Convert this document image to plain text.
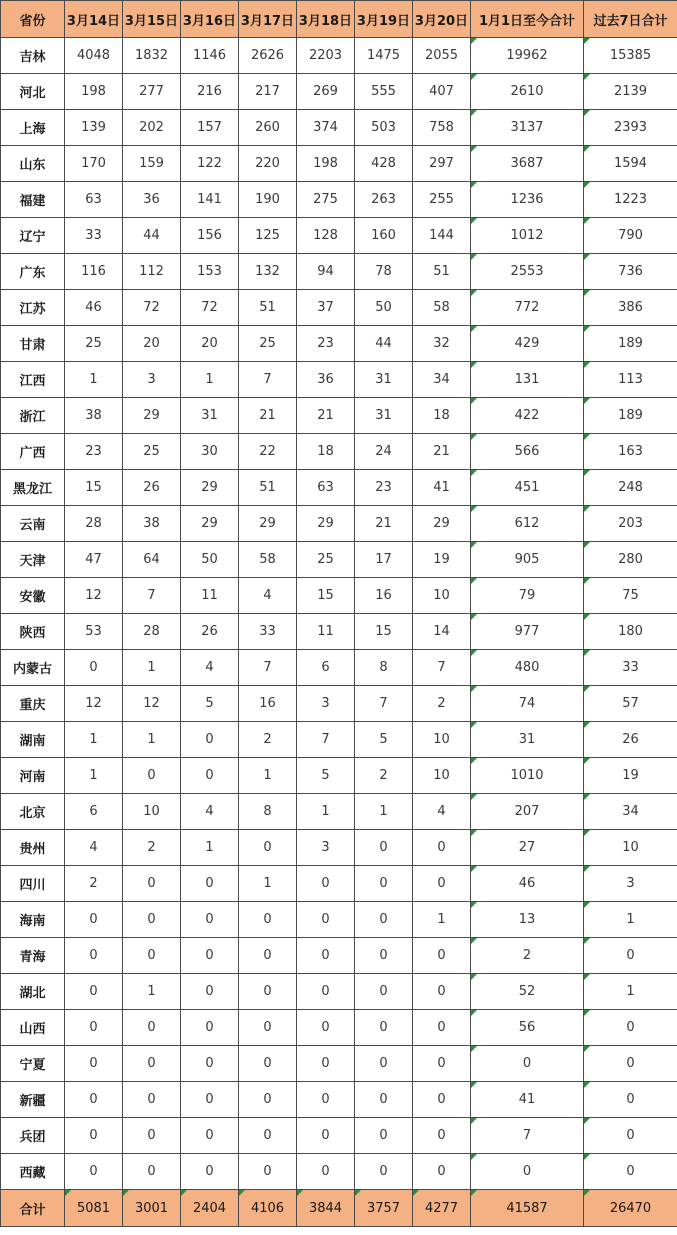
省份	3月14日	3月15日	3月16日	3月17日	3月18日	3月19日	3月20日	1月1日至今合计	过去7日合计
吉林	4048	1832	1146	2626	2203	1475	2055	19962	15385
河北	198	277	216	217	269	555	407	2610	2139
上海	139	202	157	260	374	503	758	3137	2393
山东	170	159	122	220	198	428	297	3687	1594
福建	63	36	141	190	275	263	255	1236	1223
辽宁	33	44	156	125	128	160	144	1012	790
广东	116	112	153	132	94	78	51	2553	736
江苏	46	72	72	51	37	50	58	772	386
甘肃	25	20	20	25	23	44	32	429	189
江西	1	3	1	7	36	31	34	131	113
浙江	38	29	31	21	21	31	18	422	189
广西	23	25	30	22	18	24	21	566	163
黑龙江	15	26	29	51	63	23	41	451	248
云南	28	38	29	29	29	21	29	612	203
天津	47	64	50	58	25	17	19	905	280
安徽	12	7	11	4	15	16	10	79	75
陕西	53	28	26	33	11	15	14	977	180
内蒙古	0	1	4	7	6	8	7	480	33
重庆	12	12	5	16	3	7	2	74	57
湖南	1	1	0	2	7	5	10	31	26
河南	1	0	0	1	5	2	10	1010	19
北京	6	10	4	8	1	1	4	207	34
贵州	4	2	1	0	3	0	0	27	10
四川	2	0	0	1	0	0	0	46	3
海南	0	0	0	0	0	0	1	13	1
青海	0	0	0	0	0	0	0	2	0
湖北	0	1	0	0	0	0	0	52	1
山西	0	0	0	0	0	0	0	56	0
宁夏	0	0	0	0	0	0	0	0	0
新疆	0	0	0	0	0	0	0	41	0
兵团	0	0	0	0	0	0	0	7	0
西藏	0	0	0	0	0	0	0	0	0
合计	5081	3001	2404	4106	3844	3757	4277	41587	26470
